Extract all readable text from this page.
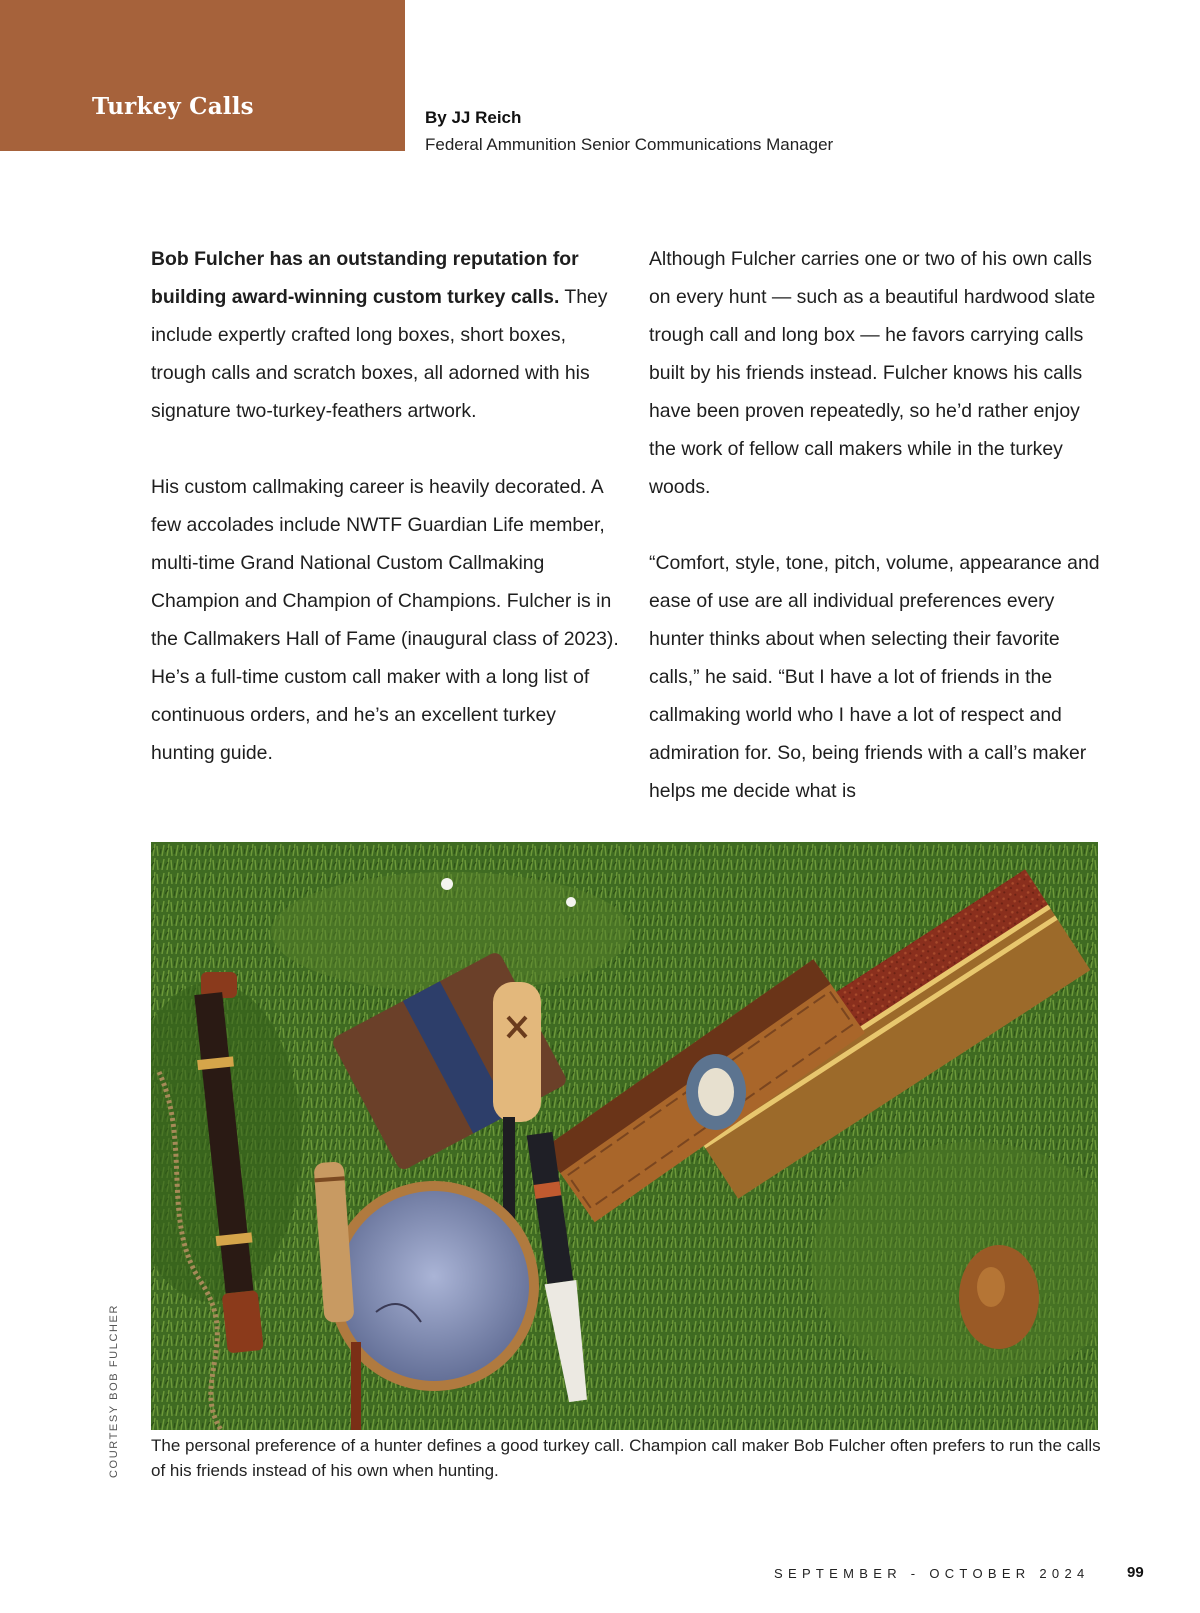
Turkey Calls	By JJ Reich
Federal Ammunition Senior Communications Manager

Bob Fulcher has an outstanding reputation for building award-winning custom turkey calls. They include expertly crafted long boxes, short boxes, trough calls and scratch boxes, all adorned with his signature two-turkey-feathers artwork.

His custom callmaking career is heavily decorated. A few accolades include NWTF Guardian Life member, multi-time Grand National Custom Callmaking Champion and Champion of Champions. Fulcher is in the Callmakers Hall of Fame (inaugural class of 2023). He’s a full-time custom call maker with a long list of continuous orders, and he’s an excellent turkey hunting guide.

Although Fulcher carries one or two of his own calls on every hunt — such as a beautiful hardwood slate trough call and long box — he favors carrying calls built by his friends instead. Fulcher knows his calls have been proven repeatedly, so he’d rather enjoy the work of fellow call makers while in the turkey woods.

“Comfort, style, tone, pitch, volume, appearance and ease of use are all individual preferences every hunter thinks about when selecting their favorite calls,” he said. “But I have a lot of friends in the callmaking world who I have a lot of respect and admiration for. So, being friends with a call’s maker helps me decide what is

COURTESY BOB FULCHER The personal preference of a hunter defines a good turkey call. Champion call maker Bob Fulcher often prefers to run the calls of his friends instead of his own when hunting.

SEPTEMBER - OCTOBER 2024 99
